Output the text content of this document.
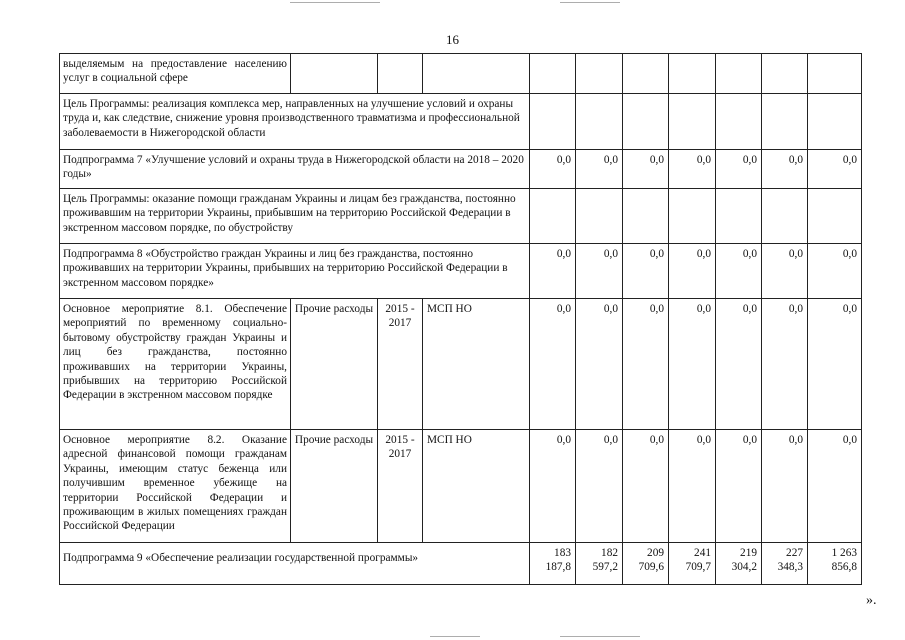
16
выделяемым на предоставление населению услуг в социальной сфере										
Цель Программы: реализация комплекса мер, направленных на улучшение условий и охраны труда и, как следствие, снижение уровня производственного травматизма и профессиональной заболеваемости в Нижегородской области										
Подпрограмма 7 «Улучшение условий и охраны труда в Нижегородской области на 2018 – 2020 годы»				0,0	0,0	0,0	0,0	0,0	0,0	0,0
Цель Программы: оказание помощи гражданам Украины и лицам без гражданства, постоянно проживавшим на территории Украины, прибывшим на территорию Российской Федерации в экстренном массовом порядке, по обустройству										
Подпрограмма 8 «Обустройство граждан Украины и лиц без гражданства, постоянно проживавших на территории Украины, прибывших на территорию Российской Федерации в экстренном массовом порядке»				0,0	0,0	0,0	0,0	0,0	0,0	0,0
Основное мероприятие 8.1. Обеспечение мероприятий по временному социально-бытовому обустройству граждан Украины и лиц без гражданства, постоянно проживавших на территории Украины, прибывших на территорию Российской Федерации в экстренном массовом порядке	Прочие расходы	2015 - 2017	МСП НО	0,0	0,0	0,0	0,0	0,0	0,0	0,0
Основное мероприятие 8.2. Оказание адресной финансовой помощи гражданам Украины, имеющим статус беженца или получившим временное убежище на территории Российской Федерации и проживающим в жилых помещениях граждан Российской Федерации	Прочие расходы	2015 - 2017	МСП НО	0,0	0,0	0,0	0,0	0,0	0,0	0,0
Подпрограмма 9 «Обеспечение реализации государственной программы»				183 187,8	182 597,2	209 709,6	241 709,7	219 304,2	227 348,3	1 263 856,8
».
